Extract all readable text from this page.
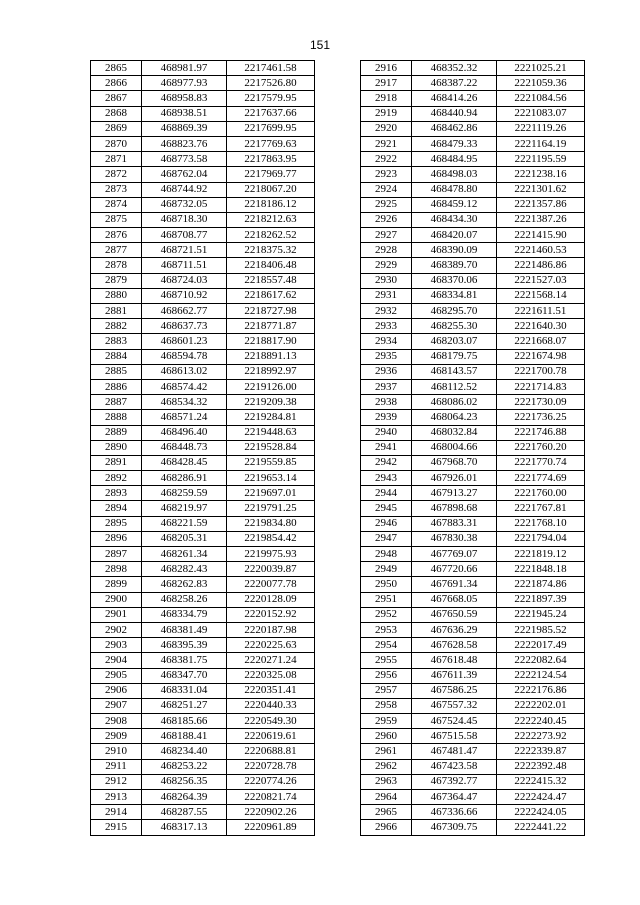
151
2865	468981.97	2217461.58
2866	468977.93	2217526.80
2867	468958.83	2217579.95
2868	468938.51	2217637.66
2869	468869.39	2217699.95
2870	468823.76	2217769.63
2871	468773.58	2217863.95
2872	468762.04	2217969.77
2873	468744.92	2218067.20
2874	468732.05	2218186.12
2875	468718.30	2218212.63
2876	468708.77	2218262.52
2877	468721.51	2218375.32
2878	468711.51	2218406.48
2879	468724.03	2218557.48
2880	468710.92	2218617.62
2881	468662.77	2218727.98
2882	468637.73	2218771.87
2883	468601.23	2218817.90
2884	468594.78	2218891.13
2885	468613.02	2218992.97
2886	468574.42	2219126.00
2887	468534.32	2219209.38
2888	468571.24	2219284.81
2889	468496.40	2219448.63
2890	468448.73	2219528.84
2891	468428.45	2219559.85
2892	468286.91	2219653.14
2893	468259.59	2219697.01
2894	468219.97	2219791.25
2895	468221.59	2219834.80
2896	468205.31	2219854.42
2897	468261.34	2219975.93
2898	468282.43	2220039.87
2899	468262.83	2220077.78
2900	468258.26	2220128.09
2901	468334.79	2220152.92
2902	468381.49	2220187.98
2903	468395.39	2220225.63
2904	468381.75	2220271.24
2905	468347.70	2220325.08
2906	468331.04	2220351.41
2907	468251.27	2220440.33
2908	468185.66	2220549.30
2909	468188.41	2220619.61
2910	468234.40	2220688.81
2911	468253.22	2220728.78
2912	468256.35	2220774.26
2913	468264.39	2220821.74
2914	468287.55	2220902.26
2915	468317.13	2220961.89
2916	468352.32	2221025.21
2917	468387.22	2221059.36
2918	468414.26	2221084.56
2919	468440.94	2221083.07
2920	468462.86	2221119.26
2921	468479.33	2221164.19
2922	468484.95	2221195.59
2923	468498.03	2221238.16
2924	468478.80	2221301.62
2925	468459.12	2221357.86
2926	468434.30	2221387.26
2927	468420.07	2221415.90
2928	468390.09	2221460.53
2929	468389.70	2221486.86
2930	468370.06	2221527.03
2931	468334.81	2221568.14
2932	468295.70	2221611.51
2933	468255.30	2221640.30
2934	468203.07	2221668.07
2935	468179.75	2221674.98
2936	468143.57	2221700.78
2937	468112.52	2221714.83
2938	468086.02	2221730.09
2939	468064.23	2221736.25
2940	468032.84	2221746.88
2941	468004.66	2221760.20
2942	467968.70	2221770.74
2943	467926.01	2221774.69
2944	467913.27	2221760.00
2945	467898.68	2221767.81
2946	467883.31	2221768.10
2947	467830.38	2221794.04
2948	467769.07	2221819.12
2949	467720.66	2221848.18
2950	467691.34	2221874.86
2951	467668.05	2221897.39
2952	467650.59	2221945.24
2953	467636.29	2221985.52
2954	467628.58	2222017.49
2955	467618.48	2222082.64
2956	467611.39	2222124.54
2957	467586.25	2222176.86
2958	467557.32	2222202.01
2959	467524.45	2222240.45
2960	467515.58	2222273.92
2961	467481.47	2222339.87
2962	467423.58	2222392.48
2963	467392.77	2222415.32
2964	467364.47	2222424.47
2965	467336.66	2222424.05
2966	467309.75	2222441.22
